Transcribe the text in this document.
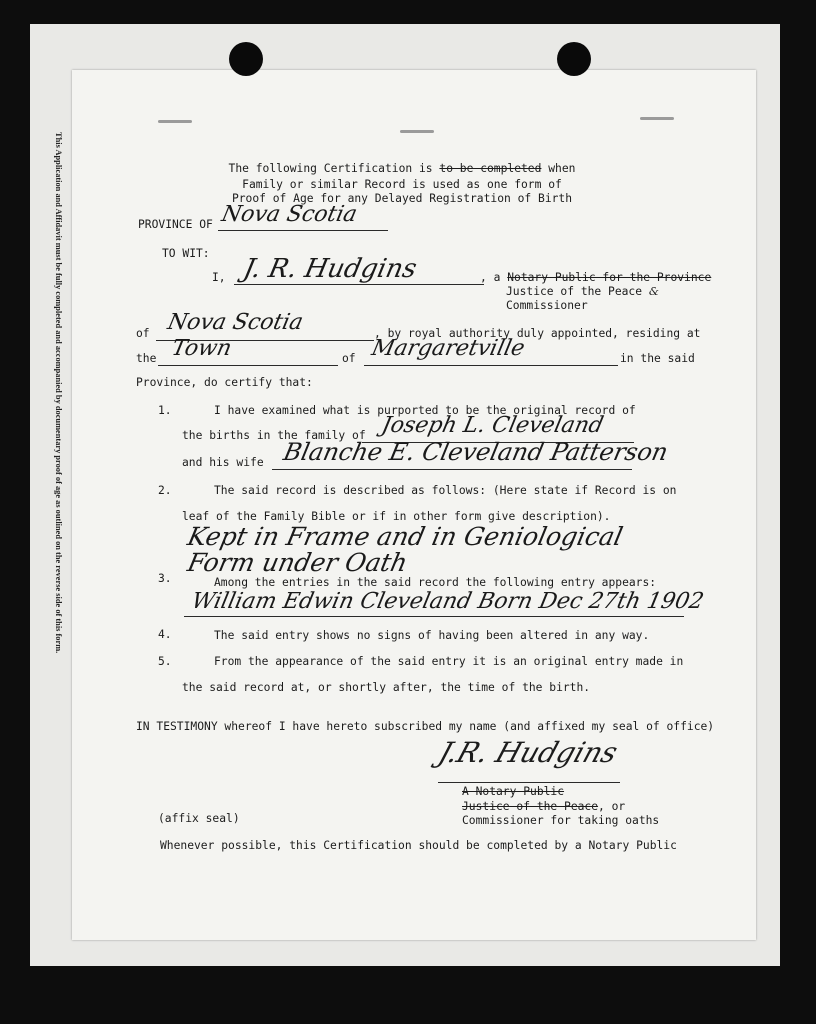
This Application and Affidavit must be fully completed and accompanied by documentary proof of age as outlined on the reverse side of this form.	The following Certification is to be completed when
Family or similar Record is used as one form of
Proof of Age for any Delayed Registration of Birth
PROVINCE OF Nova Scotia
TO WIT:
I, J. R. Hudgins	, a Notary Public for the Province
Justice of the Peace &
Commissioner
of Nova Scotia	, by royal authority duly appointed, residing at
the Town	of Margaretville	in the said
Province, do certify that:
1.	I have examined what is purported to be the original record of
the births in the family of Joseph L. Cleveland
and his wife Blanche E. Cleveland Patterson
2.	The said record is described as follows: (Here state if Record is on
leaf of the Family Bible or if in other form give description).
Kept in Frame and in Geniological
Form under Oath
3.	Among the entries in the said record the following entry appears:
William Edwin Cleveland Born Dec 27th 1902
4.	The said entry shows no signs of having been altered in any way.
5.	From the appearance of the said entry it is an original entry made in
the said record at, or shortly after, the time of the birth.
IN TESTIMONY whereof I have hereto subscribed my name (and affixed my seal of office)
J.R. Hudgins
A Notary Public
Justice of the Peace, or
Commissioner for taking oaths
(affix seal)
Whenever possible, this Certification should be completed by a Notary Public
